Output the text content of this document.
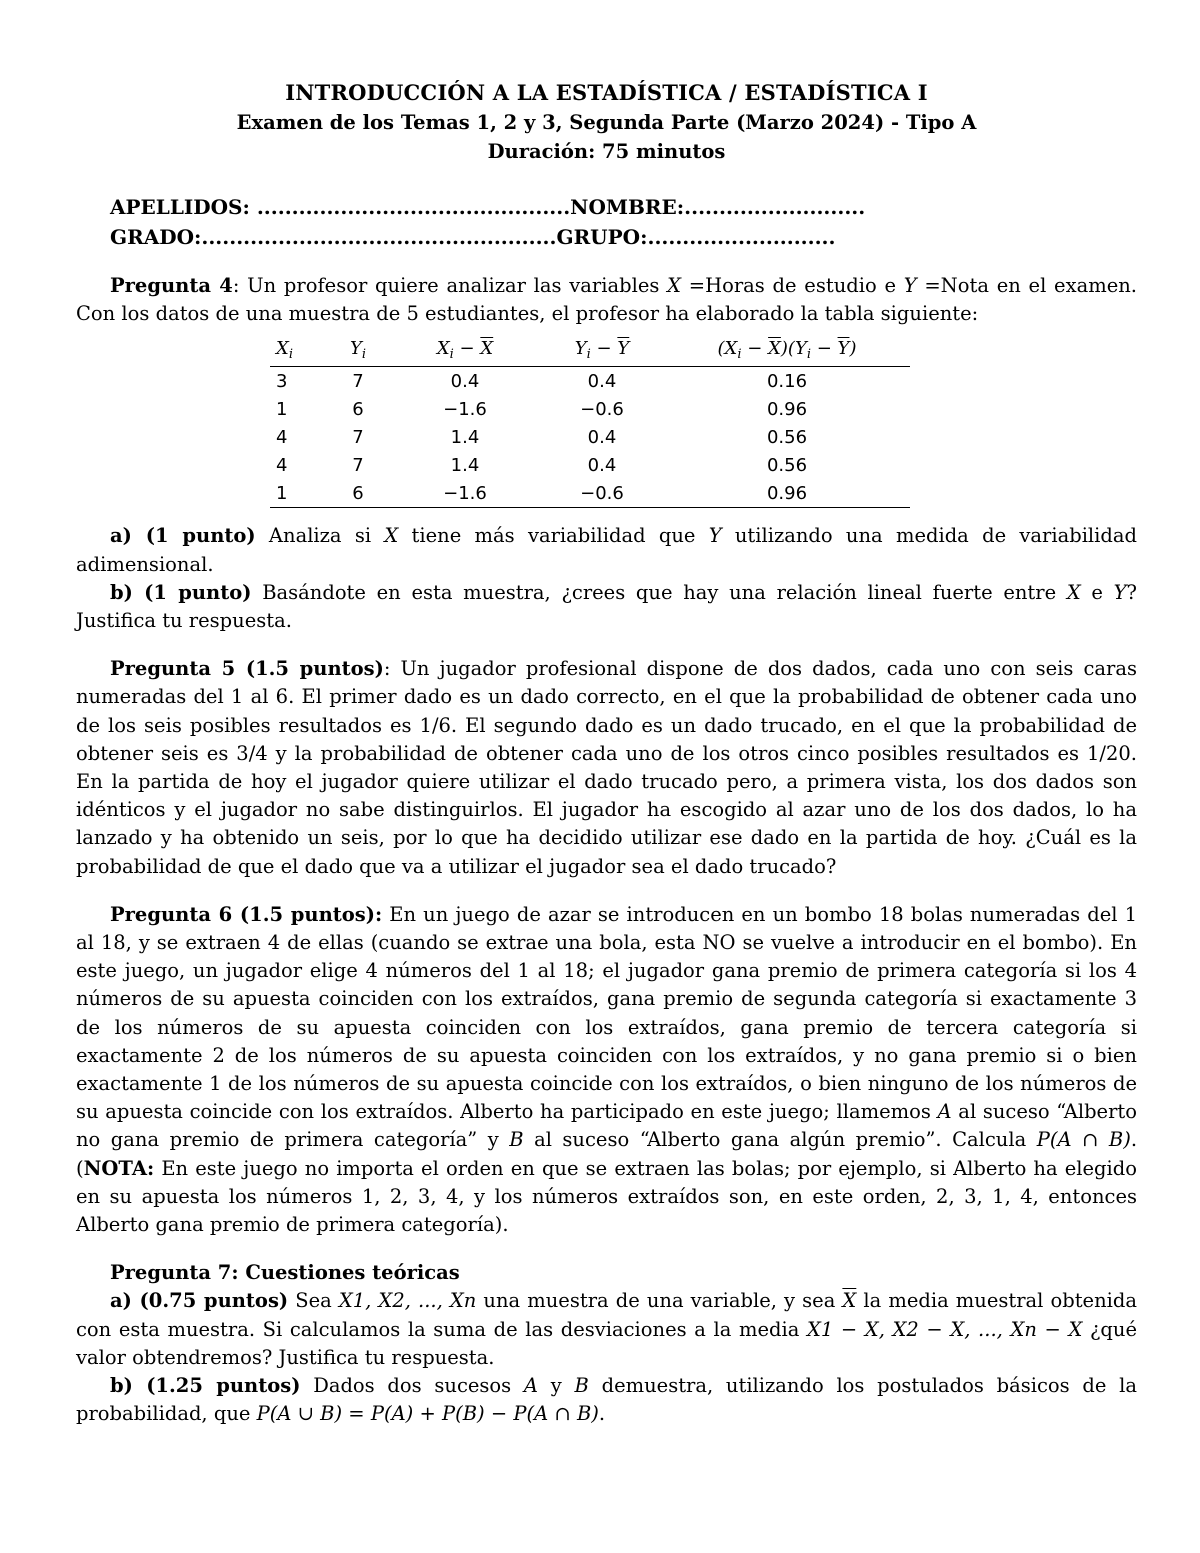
INTRODUCCIÓN A LA ESTADÍSTICA / ESTADÍSTICA I
Examen de los Temas 1, 2 y 3, Segunda Parte (Marzo 2024) - Tipo A
Duración: 75 minutos
APELLIDOS: .............................................NOMBRE:..........................
GRADO:...................................................GRUPO:...........................
Pregunta 4: Un profesor quiere analizar las variables X =Horas de estudio e Y =Nota en el examen. Con los datos de una muestra de 5 estudiantes, el profesor ha elaborado la tabla siguiente:
$X_i$	$Y_i$	$X_i - \overline{X}$	$Y_i - \overline{Y}$	$(X_i - \overline{X})(Y_i - \overline{Y})$
3	7	0.4	0.4	0.16
1	6	−1.6	−0.6	0.96
4	7	1.4	0.4	0.56
4	7	1.4	0.4	0.56
1	6	−1.6	−0.6	0.96
a) (1 punto) Analiza si X tiene más variabilidad que Y utilizando una medida de variabilidad adimensional.
b) (1 punto) Basándote en esta muestra, ¿crees que hay una relación lineal fuerte entre X e Y? Justifica tu respuesta.
Pregunta 5 (1.5 puntos): Un jugador profesional dispone de dos dados, cada uno con seis caras numeradas del 1 al 6. El primer dado es un dado correcto, en el que la probabilidad de obtener cada uno de los seis posibles resultados es 1/6. El segundo dado es un dado trucado, en el que la probabilidad de obtener seis es 3/4 y la probabilidad de obtener cada uno de los otros cinco posibles resultados es 1/20. En la partida de hoy el jugador quiere utilizar el dado trucado pero, a primera vista, los dos dados son idénticos y el jugador no sabe distinguirlos. El jugador ha escogido al azar uno de los dos dados, lo ha lanzado y ha obtenido un seis, por lo que ha decidido utilizar ese dado en la partida de hoy. ¿Cuál es la probabilidad de que el dado que va a utilizar el jugador sea el dado trucado?
Pregunta 6 (1.5 puntos): En un juego de azar se introducen en un bombo 18 bolas numeradas del 1 al 18, y se extraen 4 de ellas (cuando se extrae una bola, esta NO se vuelve a introducir en el bombo). En este juego, un jugador elige 4 números del 1 al 18; el jugador gana premio de primera categoría si los 4 números de su apuesta coinciden con los extraídos, gana premio de segunda categoría si exactamente 3 de los números de su apuesta coinciden con los extraídos, gana premio de tercera categoría si exactamente 2 de los números de su apuesta coinciden con los extraídos, y no gana premio si o bien exactamente 1 de los números de su apuesta coincide con los extraídos, o bien ninguno de los números de su apuesta coincide con los extraídos. Alberto ha participado en este juego; llamemos A al suceso “Alberto no gana premio de primera categoría” y B al suceso “Alberto gana algún premio”. Calcula P(A ∩ B). (NOTA: En este juego no importa el orden en que se extraen las bolas; por ejemplo, si Alberto ha elegido en su apuesta los números 1, 2, 3, 4, y los números extraídos son, en este orden, 2, 3, 1, 4, entonces Alberto gana premio de primera categoría).
Pregunta 7: Cuestiones teóricas
a) (0.75 puntos) Sea X1, X2, ..., Xn una muestra de una variable, y sea $\overline{X}$ la media muestral obtenida con esta muestra. Si calculamos la suma de las desviaciones a la media X1 − X, X2 − X, ..., Xn − X ¿qué valor obtendremos? Justifica tu respuesta.
b) (1.25 puntos) Dados dos sucesos A y B demuestra, utilizando los postulados básicos de la probabilidad, que P(A ∪ B) = P(A) + P(B) − P(A ∩ B).
